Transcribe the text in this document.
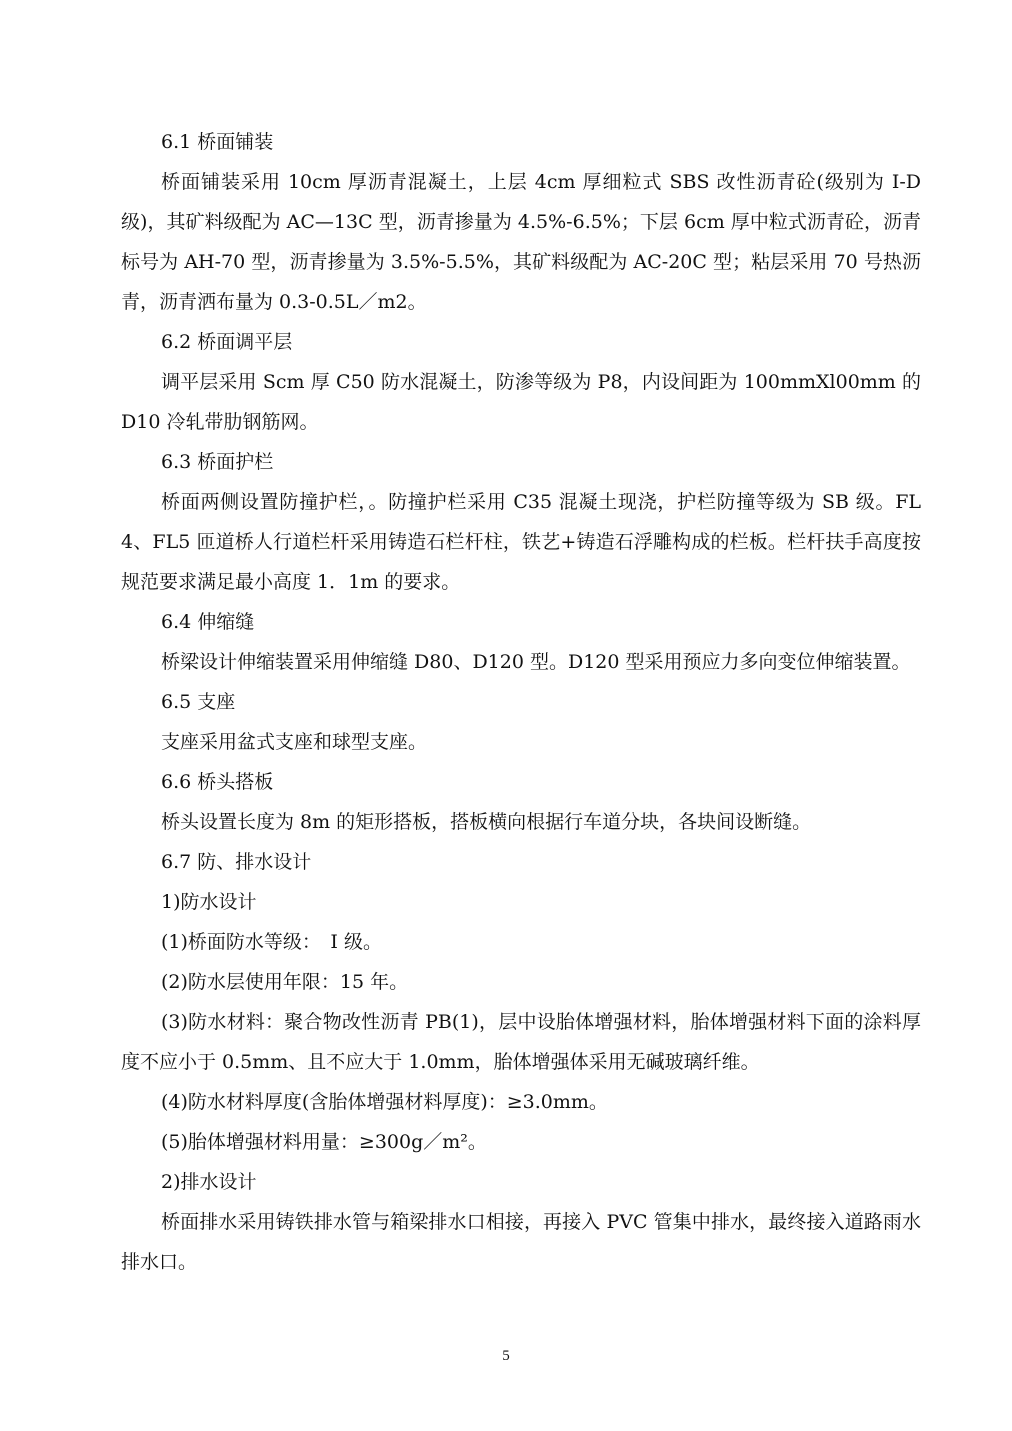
6.1 桥面铺装

桥面铺装采用 10cm 厚沥青混凝土，上层 4cm 厚细粒式 SBS 改性沥青砼(级别为 I-D 级)，其矿料级配为 AC—13C 型，沥青掺量为 4.5%-6.5%；下层 6cm 厚中粒式沥青砼，沥青标号为 AH-70 型，沥青掺量为 3.5%-5.5%，其矿料级配为 AC-20C 型；粘层采用 70 号热沥青，沥青洒布量为 0.3-0.5L／m2。

6.2 桥面调平层

调平层采用 Scm 厚 C50 防水混凝土，防渗等级为 P8，内设间距为 100mmXl00mm 的 D10 冷轧带肋钢筋网。

6.3 桥面护栏

桥面两侧设置防撞护栏，。防撞护栏采用 C35 混凝土现浇，护栏防撞等级为 SB 级。FL4、FL5 匝道桥人行道栏杆采用铸造石栏杆柱，铁艺+铸造石浮雕构成的栏板。栏杆扶手高度按规范要求满足最小高度 1．1m 的要求。

6.4 伸缩缝

桥梁设计伸缩装置采用伸缩缝 D80、D120 型。D120 型采用预应力多向变位伸缩装置。

6.5 支座

支座采用盆式支座和球型支座。

6.6 桥头搭板

桥头设置长度为 8m 的矩形搭板，搭板横向根据行车道分块，各块间设断缝。

6.7 防、排水设计

1)防水设计

(1)桥面防水等级：　I 级。

(2)防水层使用年限：15 年。

(3)防水材料：聚合物改性沥青 PB(1)，层中设胎体增强材料，胎体增强材料下面的涂料厚度不应小于 0.5mm、且不应大于 1.0mm，胎体增强体采用无碱玻璃纤维。

(4)防水材料厚度(含胎体增强材料厚度)：≥3.0mm。

(5)胎体增强材料用量：≥300g／m²。

2)排水设计

桥面排水采用铸铁排水管与箱梁排水口相接，再接入 PVC 管集中排水，最终接入道路雨水排水口。

5
